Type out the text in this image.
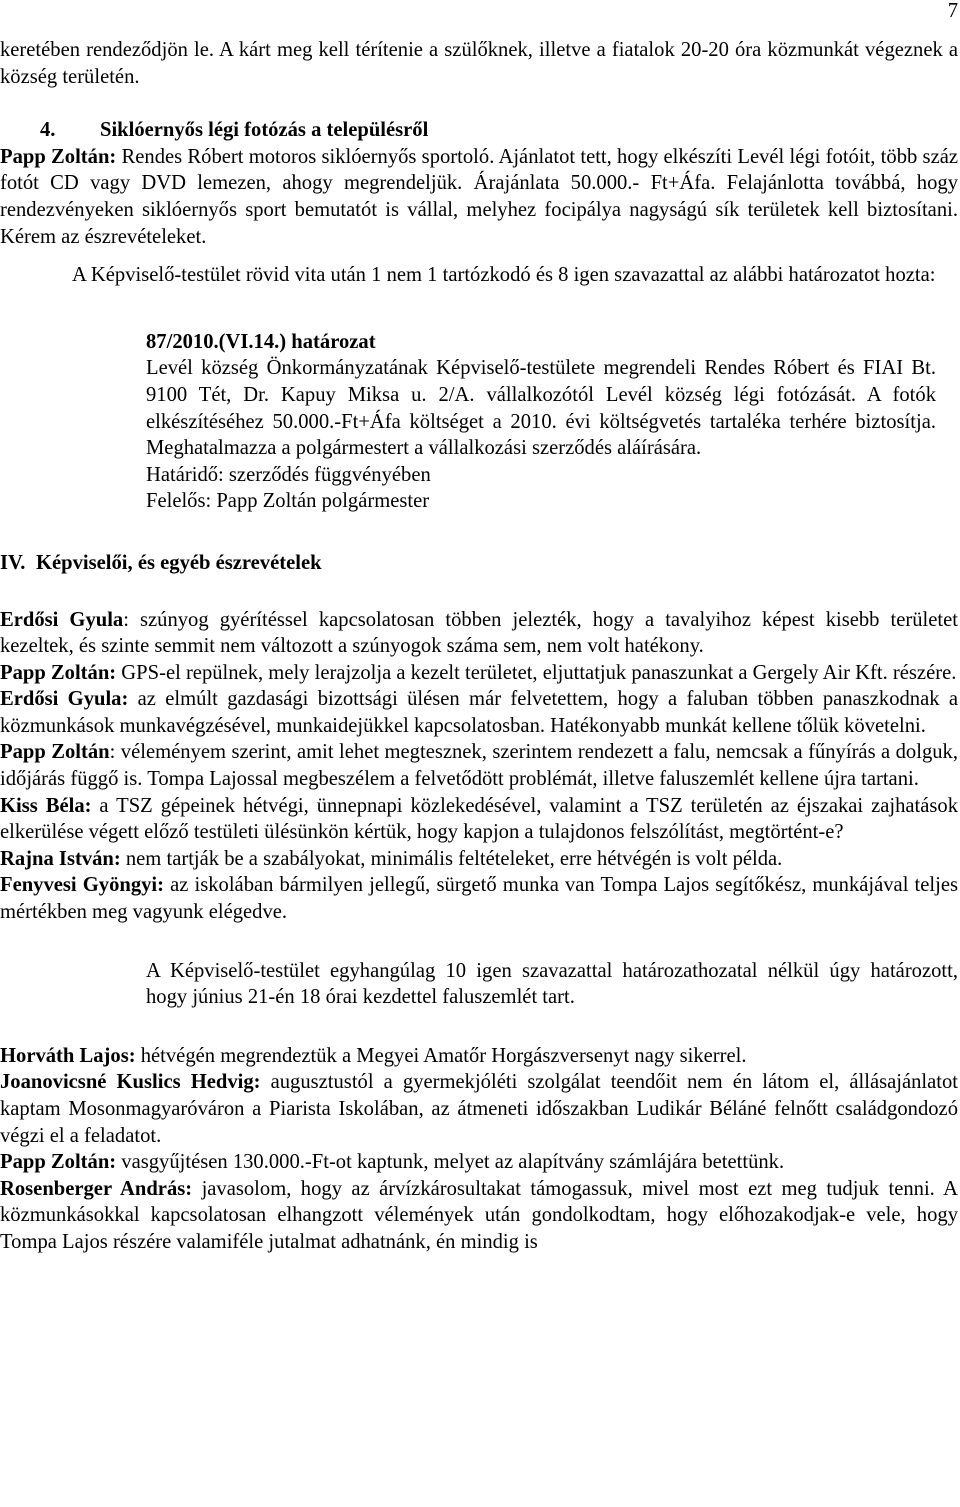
7

keretében rendeződjön le. A kárt meg kell térítenie a szülőknek, illetve a fiatalok 20-20 óra közmunkát végeznek a község területén.

4.	Siklóernyős légi fotózás a településről

Papp Zoltán: Rendes Róbert motoros siklóernyős sportoló. Ajánlatot tett, hogy elkészíti Levél légi fotóit, több száz fotót CD vagy DVD lemezen, ahogy megrendeljük. Árajánlata 50.000.- Ft+Áfa. Felajánlotta továbbá, hogy rendezvényeken siklóernyős sport bemutatót is vállal, melyhez focipálya nagyságú sík területek kell biztosítani. Kérem az észrevételeket.

A Képviselő-testület rövid vita után 1 nem 1 tartózkodó és 8 igen szavazattal az alábbi határozatot hozta:

87/2010.(VI.14.) határozat

Levél község Önkormányzatának Képviselő-testülete megrendeli Rendes Róbert és FIAI Bt. 9100 Tét, Dr. Kapuy Miksa u. 2/A. vállalkozótól Levél község légi fotózását. A fotók elkészítéséhez 50.000.-Ft+Áfa költséget a 2010. évi költségvetés tartaléka terhére biztosítja. Meghatalmazza a polgármestert a vállalkozási szerződés aláírására.

Határidő: szerződés függvényében

Felelős: Papp Zoltán polgármester

IV. Képviselői, és egyéb észrevételek

Erdősi Gyula: szúnyog gyérítéssel kapcsolatosan többen jelezték, hogy a tavalyihoz képest kisebb területet kezeltek, és szinte semmit nem változott a szúnyogok száma sem, nem volt hatékony.

Papp Zoltán: GPS-el repülnek, mely lerajzolja a kezelt területet, eljuttatjuk panaszunkat a Gergely Air Kft. részére.

Erdősi Gyula: az elmúlt gazdasági bizottsági ülésen már felvetettem, hogy a faluban többen panaszkodnak a közmunkások munkavégzésével, munkaidejükkel kapcsolatosban. Hatékonyabb munkát kellene tőlük követelni.

Papp Zoltán: véleményem szerint, amit lehet megtesznek, szerintem rendezett a falu, nemcsak a fűnyírás a dolguk, időjárás függő is. Tompa Lajossal megbeszélem a felvetődött problémát, illetve faluszemlét kellene újra tartani.

Kiss Béla: a TSZ gépeinek hétvégi, ünnepnapi közlekedésével, valamint a TSZ területén az éjszakai zajhatások elkerülése végett előző testületi ülésünkön kértük, hogy kapjon a tulajdonos felszólítást, megtörtént-e?

Rajna István: nem tartják be a szabályokat, minimális feltételeket, erre hétvégén is volt példa.

Fenyvesi Gyöngyi: az iskolában bármilyen jellegű, sürgető munka van Tompa Lajos segítőkész, munkájával teljes mértékben meg vagyunk elégedve.

A Képviselő-testület egyhangúlag 10 igen szavazattal határozathozatal nélkül úgy határozott, hogy június 21-én 18 órai kezdettel faluszemlét tart.

Horváth Lajos: hétvégén megrendeztük a Megyei Amatőr Horgászversenyt nagy sikerrel.

Joanovicsné Kuslics Hedvig: augusztustól a gyermekjóléti szolgálat teendőit nem én látom el, állásajánlatot kaptam Mosonmagyaróváron a Piarista Iskolában, az átmeneti időszakban Ludikár Béláné felnőtt családgondozó végzi el a feladatot.

Papp Zoltán: vasgyűjtésen 130.000.-Ft-ot kaptunk, melyet az alapítvány számlájára betettünk.

Rosenberger András: javasolom, hogy az árvízkárosultakat támogassuk, mivel most ezt meg tudjuk tenni. A közmunkásokkal kapcsolatosan elhangzott vélemények után gondolkodtam, hogy előhozakodjak-e vele, hogy Tompa Lajos részére valamiféle jutalmat adhatnánk, én mindig is
